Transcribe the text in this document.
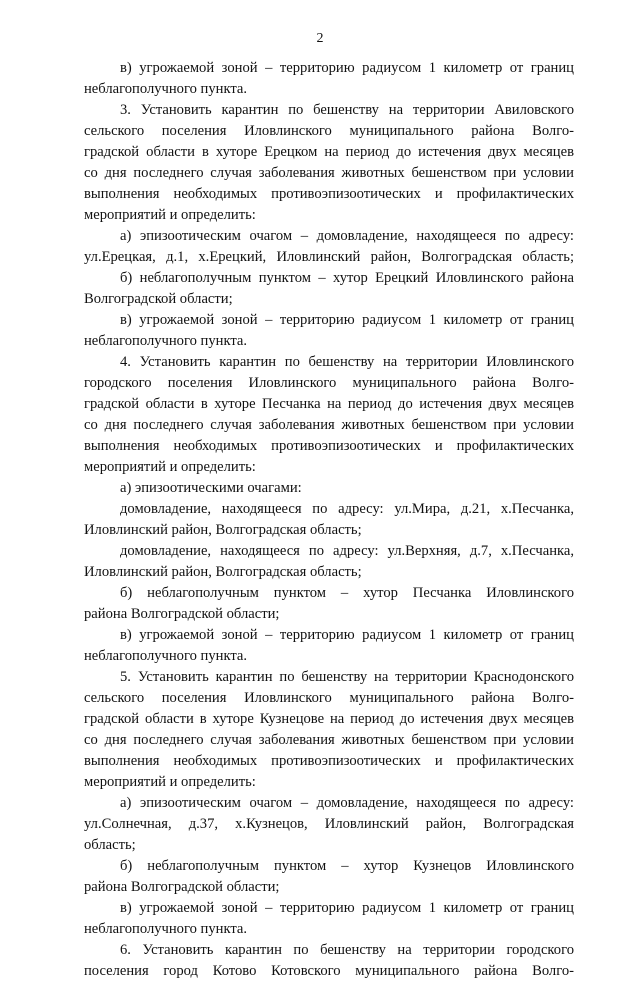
2
в) угрожаемой зоной – территорию радиусом 1 километр от границ
неблагополучного пункта.
3. Установить карантин по бешенству на территории Авиловского
сельского поселения Иловлинского муниципального района Волго-
градской области в хуторе Ерецком на период до истечения двух месяцев
со дня последнего случая заболевания животных бешенством при условии
выполнения необходимых противоэпизоотических и профилактических
мероприятий и определить:
а) эпизоотическим очагом – домовладение, находящееся по адресу:
ул.Ерецкая, д.1, х.Ерецкий, Иловлинский район, Волгоградская область;
б) неблагополучным пунктом – хутор Ерецкий Иловлинского района
Волгоградской области;
в) угрожаемой зоной – территорию радиусом 1 километр от границ
неблагополучного пункта.
4. Установить карантин по бешенству на территории Иловлинского
городского поселения Иловлинского муниципального района Волго-
градской области в хуторе Песчанка на период до истечения двух месяцев
со дня последнего случая заболевания животных бешенством при условии
выполнения необходимых противоэпизоотических и профилактических
мероприятий и определить:
а) эпизоотическими очагами:
домовладение, находящееся по адресу: ул.Мира, д.21, х.Песчанка,
Иловлинский район, Волгоградская область;
домовладение, находящееся по адресу: ул.Верхняя, д.7, х.Песчанка,
Иловлинский район, Волгоградская область;
б) неблагополучным пунктом – хутор Песчанка Иловлинского
района Волгоградской области;
в) угрожаемой зоной – территорию радиусом 1 километр от границ
неблагополучного пункта.
5. Установить карантин по бешенству на территории Краснодонского
сельского поселения Иловлинского муниципального района Волго-
градской области в хуторе Кузнецове на период до истечения двух месяцев
со дня последнего случая заболевания животных бешенством при условии
выполнения необходимых противоэпизоотических и профилактических
мероприятий и определить:
а) эпизоотическим очагом – домовладение, находящееся по адресу:
ул.Солнечная, д.37, х.Кузнецов, Иловлинский район, Волгоградская
область;
б) неблагополучным пунктом – хутор Кузнецов Иловлинского
района Волгоградской области;
в) угрожаемой зоной – территорию радиусом 1 километр от границ
неблагополучного пункта.
6. Установить карантин по бешенству на территории городского
поселения город Котово Котовского муниципального района Волго-
